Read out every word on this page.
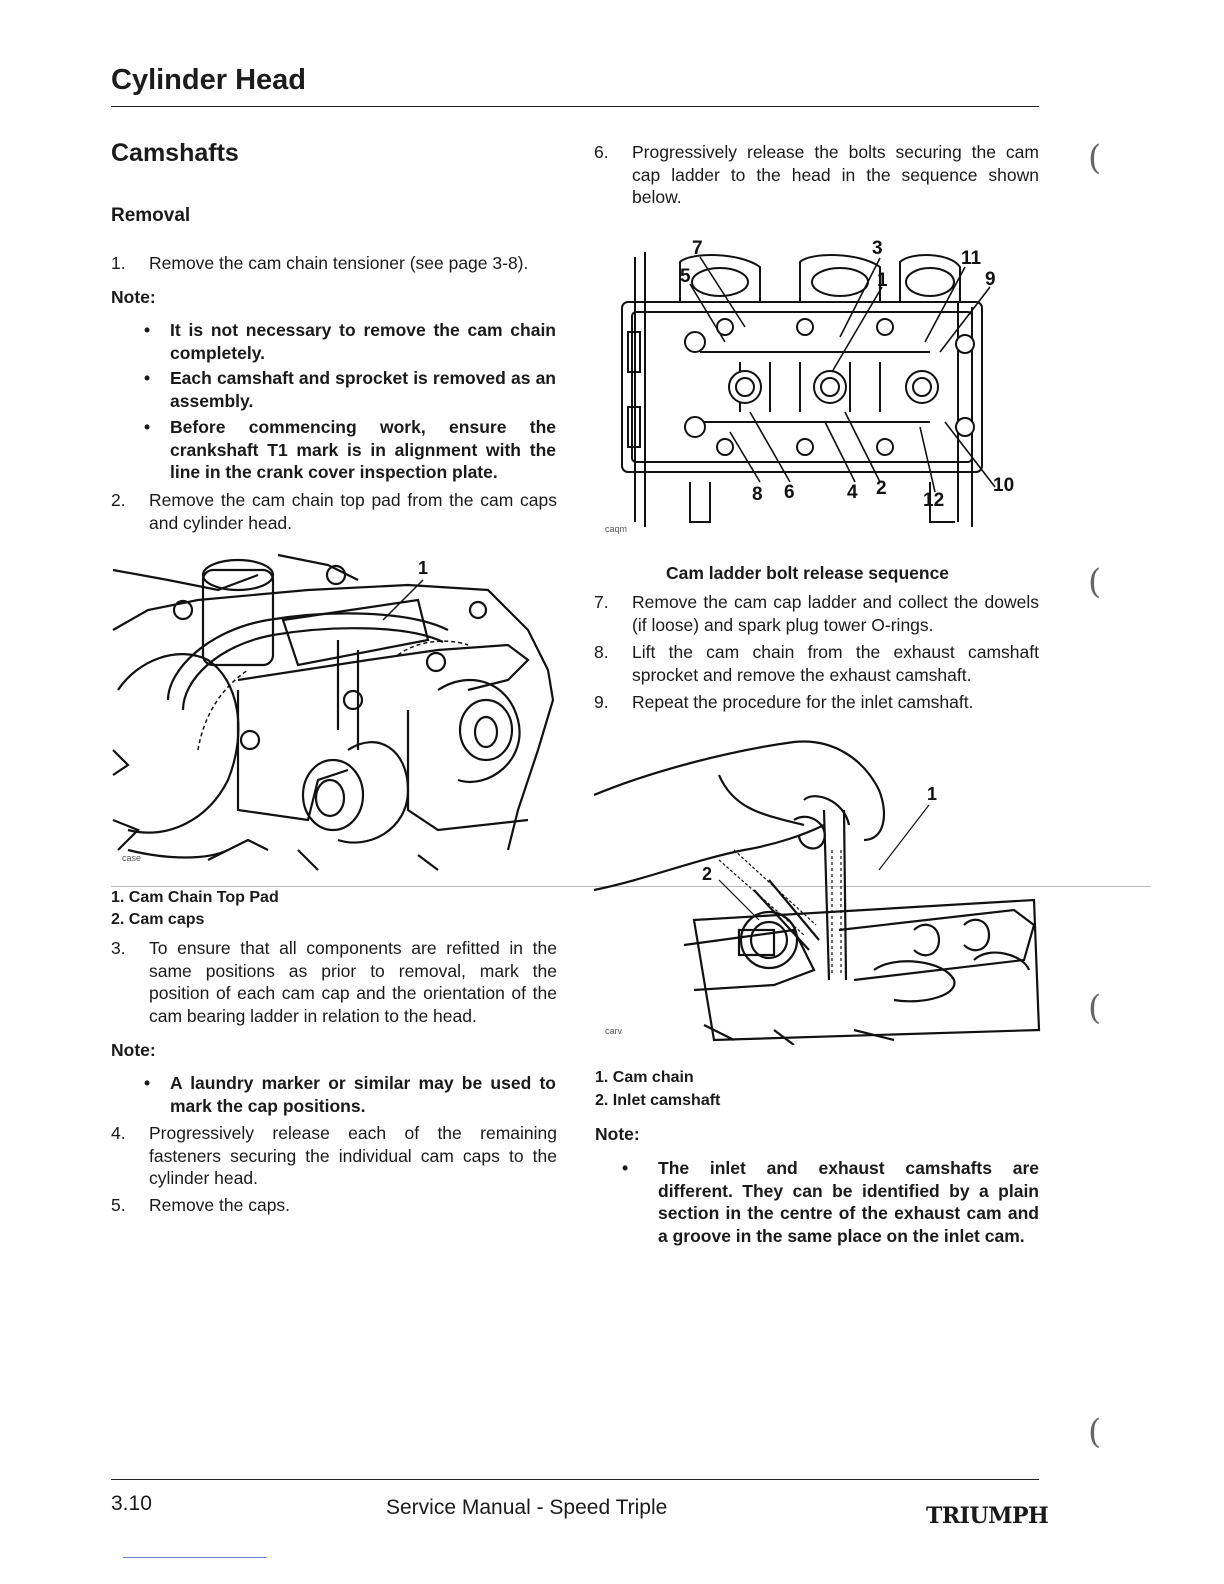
Cylinder Head
Camshafts
Removal
1.	Remove the cam chain tensioner (see page 3-8).
Note:
•	It is not necessary to remove the cam chain completely.
•	Each camshaft and sprocket is removed as an assembly.
•	Before commencing work, ensure the crankshaft T1 mark is in alignment with the line in the crank cover inspection plate.
2.	Remove the cam chain top pad from the cam caps and cylinder head.
1
case
1. Cam Chain Top Pad
2. Cam caps
3.	To ensure that all components are refitted in the same positions as prior to removal, mark the position of each cam cap and the orientation of the cam bearing ladder in relation to the head.
Note:
•	A laundry marker or similar may be used to mark the cap positions.
4.	Progressively release each of the remaining fasteners securing the individual cam caps to the cylinder head.
5.	Remove the caps.
6.	Progressively release the bolts securing the cam cap ladder to the head in the sequence shown below.
7	3	11
5	1	9
8 6	4 2
12
10
caqm
Cam ladder bolt release sequence
7.	Remove the cam cap ladder and collect the dowels (if loose) and spark plug tower O-rings.
8.	Lift the cam chain from the exhaust camshaft sprocket and remove the exhaust camshaft.
9.	Repeat the procedure for the inlet camshaft.
1
2
carv
1. Cam chain
2. Inlet camshaft
Note:
•	The inlet and exhaust camshafts are different. They can be identified by a plain section in the centre of the exhaust cam and a groove in the same place on the inlet cam.
(
(
(
(
3.10	Service Manual - Speed Triple	TRIUMPH
